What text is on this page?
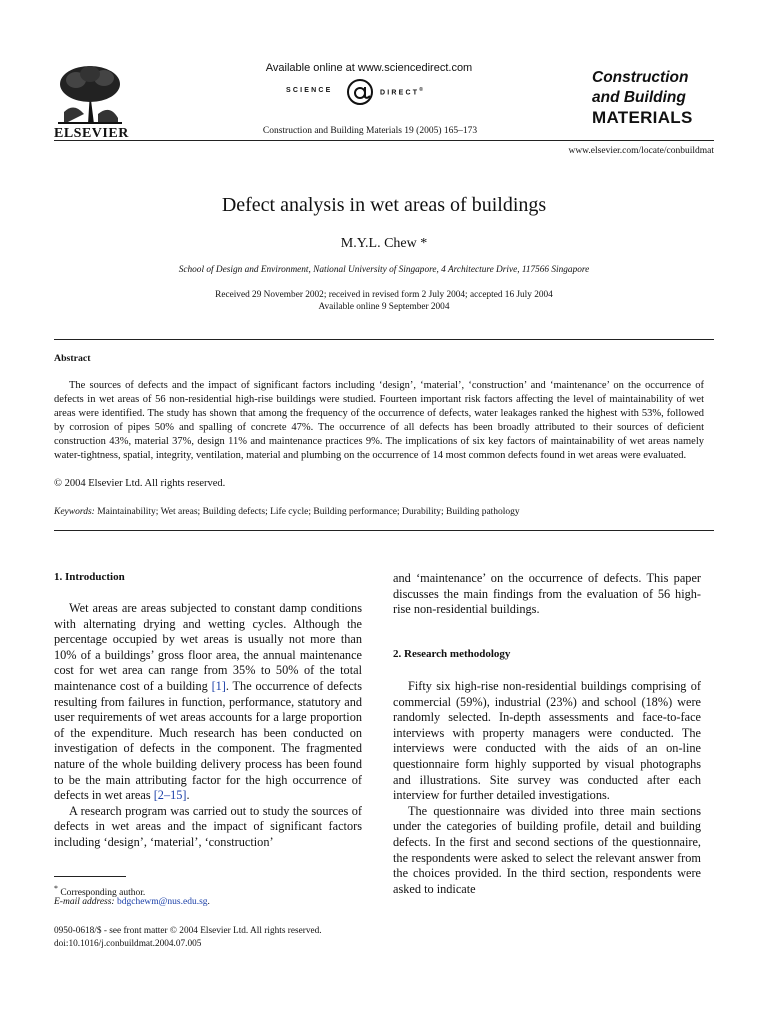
ELSEVIER
Available online at www.sciencedirect.com
SCIENCE	DIRECT®
Construction and Building Materials 19 (2005) 165–173
Construction
and Building
MATERIALS
www.elsevier.com/locate/conbuildmat
Defect analysis in wet areas of buildings
M.Y.L. Chew *
School of Design and Environment, National University of Singapore, 4 Architecture Drive, 117566 Singapore
Received 29 November 2002; received in revised form 2 July 2004; accepted 16 July 2004
Available online 9 September 2004
Abstract
The sources of defects and the impact of significant factors including ‘design’, ‘material’, ‘construction’ and ‘maintenance’ on the occurrence of defects in wet areas of 56 non-residential high-rise buildings were studied. Fourteen important risk factors affecting the level of maintainability of wet areas were identified. The study has shown that among the frequency of the occurrence of defects, water leakages ranked the highest with 53%, followed by corrosion of pipes 50% and spalling of concrete 47%. The occurrence of all defects has been broadly attributed to their sources of deficient construction 43%, material 37%, design 11% and maintenance practices 9%. The implications of six key factors of maintainability of wet areas namely water-tightness, spatial, integrity, ventilation, material and plumbing on the occurrence of 14 most common defects found in wet areas were evaluated.
© 2004 Elsevier Ltd. All rights reserved.
Keywords: Maintainability; Wet areas; Building defects; Life cycle; Building performance; Durability; Building pathology
1. Introduction

Wet areas are areas subjected to constant damp conditions with alternating drying and wetting cycles. Although the percentage occupied by wet areas is usually not more than 10% of a buildings’ gross floor area, the annual maintenance cost for wet area can range from 35% to 50% of the total maintenance cost of a building [1]. The occurrence of defects resulting from failures in function, performance, statutory and user requirements of wet areas accounts for a large proportion of the expenditure. Much research has been conducted on investigation of defects in the component. The fragmented nature of the whole building delivery process has been found to be the main attributing factor for the high occurrence of defects in wet areas [2–15].

A research program was carried out to study the sources of defects in wet areas and the impact of significant factors including ‘design’, ‘material’, ‘construction’

* Corresponding author.
E-mail address: bdgchewm@nus.edu.sg.
0950-0618/$ - see front matter © 2004 Elsevier Ltd. All rights reserved.
doi:10.1016/j.conbuildmat.2004.07.005

and ‘maintenance’ on the occurrence of defects. This paper discusses the main findings from the evaluation of 56 high-rise non-residential buildings.

2. Research methodology

Fifty six high-rise non-residential buildings comprising of commercial (59%), industrial (23%) and school (18%) were randomly selected. In-depth assessments and face-to-face interviews with property managers were conducted. The interviews were conducted with the aids of an on-line questionnaire form highly supported by visual photographs and illustrations. Site survey was conducted after each interview for further detailed investigations.

The questionnaire was divided into three main sections under the categories of building profile, detail and building defects. In the first and second sections of the questionnaire, the respondents were asked to select the relevant answer from the choices provided. In the third section, respondents were asked to indicate
